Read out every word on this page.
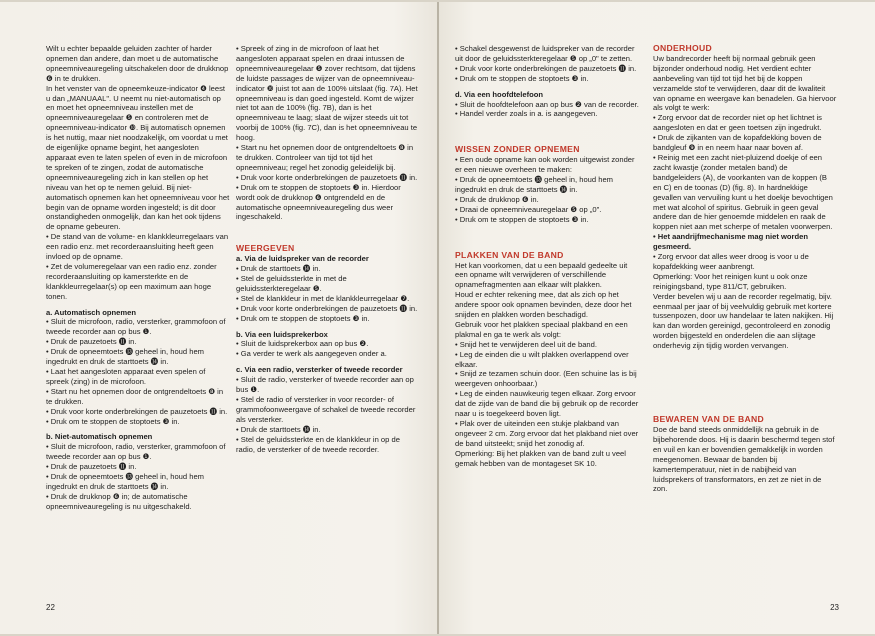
Wilt u echter bepaalde geluiden zachter of harder opnemen dan andere, dan moet u de automatische opneemniveauregeling uitschakelen door de drukknop ❻ in te drukken.

In het venster van de opneemkeuze-indicator ❹ leest u dan „MANUAAL". U neemt nu niet-automatisch op en moet het opneemniveau instellen met de opneemniveauregelaar ❺ en controleren met de opneemniveau-indicator ❿. Bij automatisch opnemen is het nuttig, maar niet noodzakelijk, om voordat u met de eigenlijke opname begint, het aangesloten apparaat even te laten spelen of even in de microfoon te spreken of te zingen, zodat de automatische opneemniveauregeling zich in kan stellen op het niveau van het op te nemen geluid. Bij niet-automatisch opnemen kan het opneemniveau voor het begin van de opname worden ingesteld; is dit door onstandigheden onmogelijk, dan kan het ook tijdens de opname gebeuren.

• De stand van de volume- en klankkleurregelaars van een radio enz. met recorderaansluiting heeft geen invloed op de opname.

• Zet de volumeregelaar van een radio enz. zonder recorderaansluiting op kamersterkte en de klankkleurregelaar(s) op een maximum aan hoge tonen.

a. Automatisch opnemen

• Sluit de microfoon, radio, versterker, grammofoon of tweede recorder aan op bus ❶.

• Druk de pauzetoets ⓫ in.

• Druk de opneemtoets ⓭ geheel in, houd hem ingedrukt en druk de starttoets ⓮ in.

• Laat het aangesloten apparaat even spelen of spreek (zing) in de microfoon.

• Start nu het opnemen door de ontgrendeltoets ❽ in te drukken.

• Druk voor korte onderbrekingen de pauzetoets ⓫ in.

• Druk om te stoppen de stoptoets ❸ in.

b. Niet-automatisch opnemen

• Sluit de microfoon, radio, versterker, grammofoon of tweede recorder aan op bus ❶.

• Druk de pauzetoets ⓫ in.

• Druk de opneemtoets ⓭ geheel in, houd hem ingedrukt en druk de starttoets ⓮ in.

• Druk de drukknop ❻ in; de automatische opneemniveauregeling is nu uitgeschakeld.

• Spreek of zing in de microfoon of laat het aangesloten apparaat spelen en draai intussen de opneemniveauregelaar ❺ zover rechtsom, dat tijdens de luidste passages de wijzer van de opneemniveau-indicator ❿ juist tot aan de 100% uitslaat (fig. 7A). Het opneemniveau is dan goed ingesteld. Komt de wijzer niet tot aan de 100% (fig. 7B), dan is het opneemniveau te laag; slaat de wijzer steeds uit tot voorbij de 100% (fig. 7C), dan is het opneemniveau te hoog.

• Start nu het opnemen door de ontgrendeltoets ❽ in te drukken. Controleer van tijd tot tijd het opneemniveau; regel het zonodig geleidelijk bij.

• Druk voor korte onderbrekingen de pauzetoets ⓫ in.

• Druk om te stoppen de stoptoets ❸ in. Hierdoor wordt ook de drukknop ❻ ontgrendeld en de automatische opneemniveauregeling dus weer ingeschakeld.

WEERGEVEN

a. Via de luidspreker van de recorder

• Druk de starttoets ⓮ in.

• Stel de geluidssterkte in met de geluidssterkteregelaar ❺.

• Stel de klankkleur in met de klankkleurregelaar ❼.

• Druk voor korte onderbrekingen de pauzetoets ⓫ in.

• Druk om te stoppen de stoptoets ❸ in.

b. Via een luidsprekerbox

• Sluit de luidsprekerbox aan op bus ❷.

• Ga verder te werk als aangegeven onder a.

c. Via een radio, versterker of tweede recorder

• Sluit de radio, versterker of tweede recorder aan op bus ❶.

• Stel de radio of versterker in voor recorder- of grammofoonweergave of schakel de tweede recorder als versterker.

• Druk de starttoets ⓮ in.

• Stel de geluidssterkte en de klankkleur in op de radio, de versterker of de tweede recorder.

22

• Schakel desgewenst de luidspreker van de recorder uit door de geluidssterkteregelaar ❺ op „0" te zetten.

• Druk voor korte onderbrekingen de pauzetoets ⓫ in.

• Druk om te stoppen de stoptoets ❸ in.

d. Via een hoofdtelefoon

• Sluit de hoofdtelefoon aan op bus ❷ van de recorder.

• Handel verder zoals in a. is aangegeven.

WISSEN ZONDER OPNEMEN

• Een oude opname kan ook worden uitgewist zonder er een nieuwe overheen te maken:

• Druk de opneemtoets ⓭ geheel in, houd hem ingedrukt en druk de starttoets ⓮ in.

• Druk de drukknop ❻ in.

• Draai de opneemniveauregelaar ❺ op „0".

• Druk om te stoppen de stoptoets ❸ in.

PLAKKEN VAN DE BAND

Het kan voorkomen, dat u een bepaald gedeelte uit een opname wilt verwijderen of verschillende opnamefragmenten aan elkaar wilt plakken.

Houd er echter rekening mee, dat als zich op het andere spoor ook opnamen bevinden, deze door het snijden en plakken worden beschadigd.

Gebruik voor het plakken speciaal plakband en een plakmal en ga te werk als volgt:

• Snijd het te verwijderen deel uit de band.

• Leg de einden die u wilt plakken overlappend over elkaar.

• Snijd ze tezamen schuin door. (Een schuine las is bij weergeven onhoorbaar.)

• Leg de einden nauwkeurig tegen elkaar. Zorg ervoor dat de zijde van de band die bij gebruik op de recorder naar u is toegekeerd boven ligt.

• Plak over de uiteinden een stukje plakband van ongeveer 2 cm. Zorg ervoor dat het plakband niet over de band uitsteekt; snijd het zonodig af.

Opmerking: Bij het plakken van de band zult u veel gemak hebben van de montageset SK 10.

ONDERHOUD

Uw bandrecorder heeft bij normaal gebruik geen bijzonder onderhoud nodig. Het verdient echter aanbeveling van tijd tot tijd het bij de koppen verzamelde stof te verwijderen, daar dit de kwaliteit van opname en weergave kan benadelen. Ga hiervoor als volgt te werk:

• Zorg ervoor dat de recorder niet op het lichtnet is aangesloten en dat er geen toetsen zijn ingedrukt.

• Druk de zijkanten van de kopafdekking boven de bandgleuf ❾ in en neem haar naar boven af.

• Reinig met een zacht niet-pluizend doekje of een zacht kwastje (zonder metalen band) de bandgeleiders (A), de voorkanten van de koppen (B en C) en de toonas (D) (fig. 8). In hardnekkige gevallen van vervuiling kunt u het doekje bevochtigen met wat alcohol of spiritus. Gebruik in geen geval andere dan de hier genoemde middelen en raak de koppen niet aan met scherpe of metalen voorwerpen.

• Het aandrijfmechanisme mag niet worden gesmeerd.

• Zorg ervoor dat alles weer droog is voor u de kopafdekking weer aanbrengt.

Opmerking: Voor het reinigen kunt u ook onze reinigingsband, type 811/CT, gebruiken.

Verder bevelen wij u aan de recorder regelmatig, bijv. eenmaal per jaar of bij veelvuldig gebruik met kortere tussenpozen, door uw handelaar te laten nakijken. Hij kan dan worden gereinigd, gecontroleerd en zonodig worden bijgesteld en onderdelen die aan slijtage onderhevig zijn tijdig worden vervangen.

BEWAREN VAN DE BAND

Doe de band steeds onmiddellijk na gebruik in de bijbehorende doos. Hij is daarin beschermd tegen stof en vuil en kan er bovendien gemakkelijk in worden meegenomen. Bewaar de banden bij kamertemperatuur, niet in de nabijheid van luidsprekers of transformators, en zet ze niet in de zon.

23
